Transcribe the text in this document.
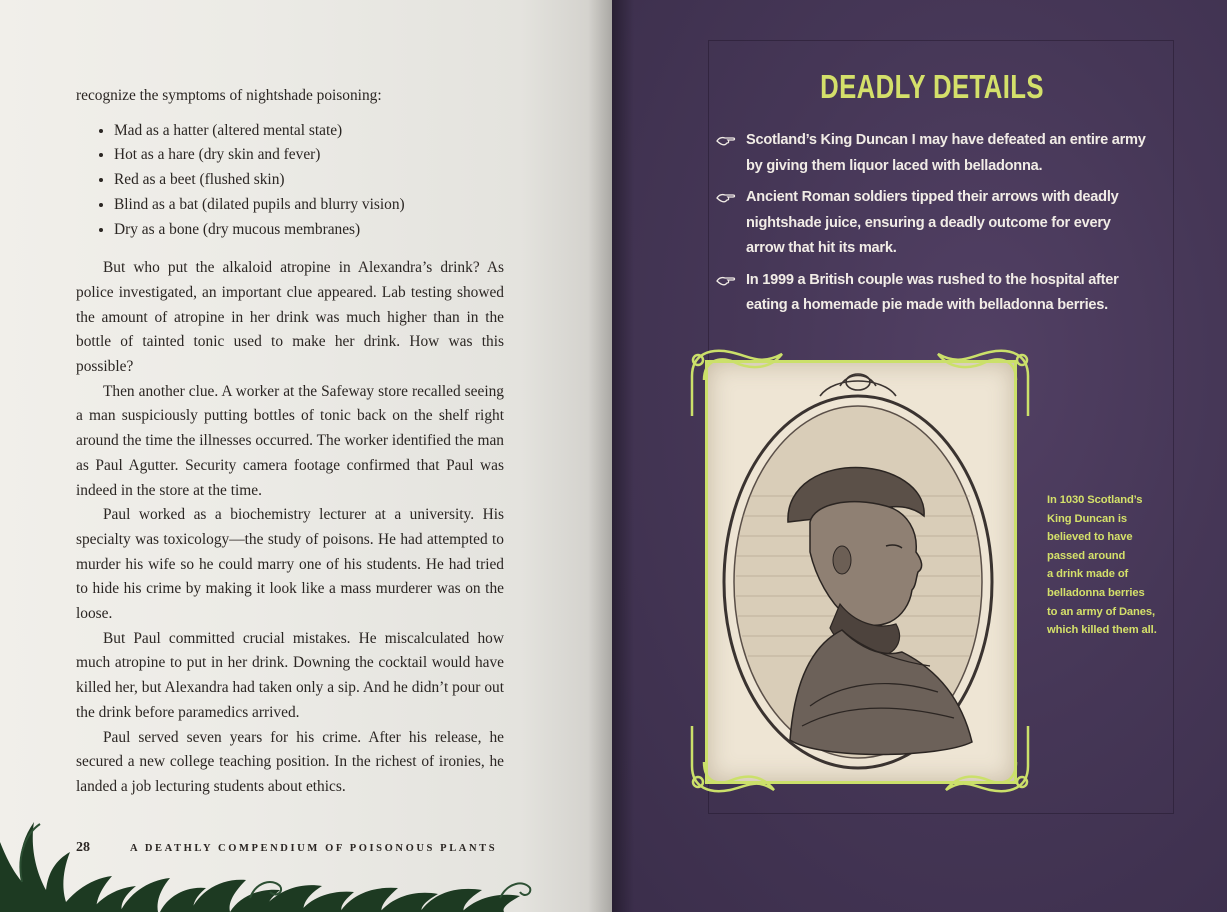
recognize the symptoms of nightshade poisoning:

• Mad as a hatter (altered mental state)
• Hot as a hare (dry skin and fever)
• Red as a beet (flushed skin)
• Blind as a bat (dilated pupils and blurry vision)
• Dry as a bone (dry mucous membranes)

But who put the alkaloid atropine in Alexandra’s drink? As police investigated, an important clue appeared. Lab testing showed the amount of atropine in her drink was much higher than in the bottle of tainted tonic used to make her drink. How was this possible?

Then another clue. A worker at the Safeway store recalled seeing a man suspiciously putting bottles of tonic back on the shelf right around the time the illnesses occurred. The worker identified the man as Paul Agutter. Security camera footage confirmed that Paul was indeed in the store at the time.

Paul worked as a biochemistry lecturer at a university. His specialty was toxicology—the study of poisons. He had attempted to murder his wife so he could marry one of his students. He had tried to hide his crime by making it look like a mass murderer was on the loose.

But Paul committed crucial mistakes. He miscalculated how much atropine to put in her drink. Downing the cocktail would have killed her, but Alexandra had taken only a sip. And he didn’t pour out the drink before paramedics arrived.

Paul served seven years for his crime. After his release, he secured a new college teaching position. In the richest of ironies, he landed a job lecturing students about ethics.

28	A DEATHLY COMPENDIUM OF POISONOUS PLANTS
DEADLY DETAILS
Scotland’s King Duncan I may have defeated an entire army by giving them liquor laced with belladonna.
Ancient Roman soldiers tipped their arrows with deadly nightshade juice, ensuring a deadly outcome for every arrow that hit its mark.
In 1999 a British couple was rushed to the hospital after eating a homemade pie made with belladonna berries.
In 1030 Scotland’s
King Duncan is
believed to have
passed around
a drink made of
belladonna berries
to an army of Danes,
which killed them all.
